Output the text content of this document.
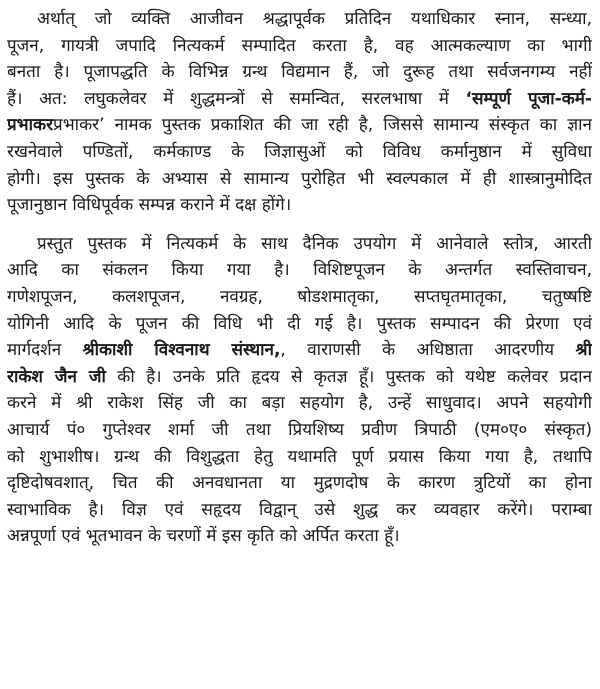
अर्थात् जो व्यक्ति आजीवन श्रद्धापूर्वक प्रतिदिन यथाधिकार स्नान, सन्ध्या,
पूजन, गायत्री जपादि नित्यकर्म सम्पादित करता है, वह आत्मकल्याण का भागी
बनता है। पूजापद्धति के विभिन्न ग्रन्थ विद्यमान हैं, जो दुरूह तथा सर्वजनगम्य नहीं
हैं। अत: लघुकलेवर में शुद्धमन्त्रों से समन्वित, सरलभाषा में ‘सम्पूर्ण पूजा-कर्म-
प्रभाकरप्रभाकर’ नामक पुस्तक प्रकाशित की जा रही है, जिससे सामान्य संस्कृत का ज्ञान
रखनेवाले पण्डितों, कर्मकाण्ड के जिज्ञासुओं को विविध कर्मानुष्ठान में सुविधा
होगी। इस पुस्तक के अभ्यास से सामान्य पुरोहित भी स्वल्पकाल में ही शास्त्रानुमोदित
पूजानुष्ठान विधिपूर्वक सम्पन्न कराने में दक्ष होंगे।

प्रस्तुत पुस्तक में नित्यकर्म के साथ दैनिक उपयोग में आनेवाले स्तोत्र, आरती
आदि का संकलन किया गया है। विशिष्टपूजन के अन्तर्गत स्वस्तिवाचन,
गणेशपूजन, कलशपूजन, नवग्रह, षोडशमातृका, सप्तघृतमातृका, चतुष्षष्टि
योगिनी आदि के पूजन की विधि भी दी गई है। पुस्तक सम्पादन की प्रेरणा एवं
मार्गदर्शन श्रीकाशी विश्वनाथ संस्थान,, वाराणसी के अधिष्ठाता आदरणीय श्री
राकेश जैन जी की है। उनके प्रति हृदय से कृतज्ञ हूँ। पुस्तक को यथेष्ट कलेवर प्रदान
करने में श्री राकेश सिंह जी का बड़ा सहयोग है, उन्हें साधुवाद। अपने सहयोगी
आचार्य पं० गुप्तेश्वर शर्मा जी तथा प्रियशिष्य प्रवीण त्रिपाठी (एम०ए० संस्कृत)
को शुभाशीष। ग्रन्थ की विशुद्धता हेतु यथामति पूर्ण प्रयास किया गया है, तथापि
दृष्टिदोषवशात्, चित की अनवधानता या मुद्रणदोष के कारण त्रुटियों का होना
स्वाभाविक है। विज्ञ एवं सहृदय विद्वान् उसे शुद्ध कर व्यवहार करेंगे। पराम्बा
अन्नपूर्णा एवं भूतभावन के चरणों में इस कृति को अर्पित करता हूँ।
